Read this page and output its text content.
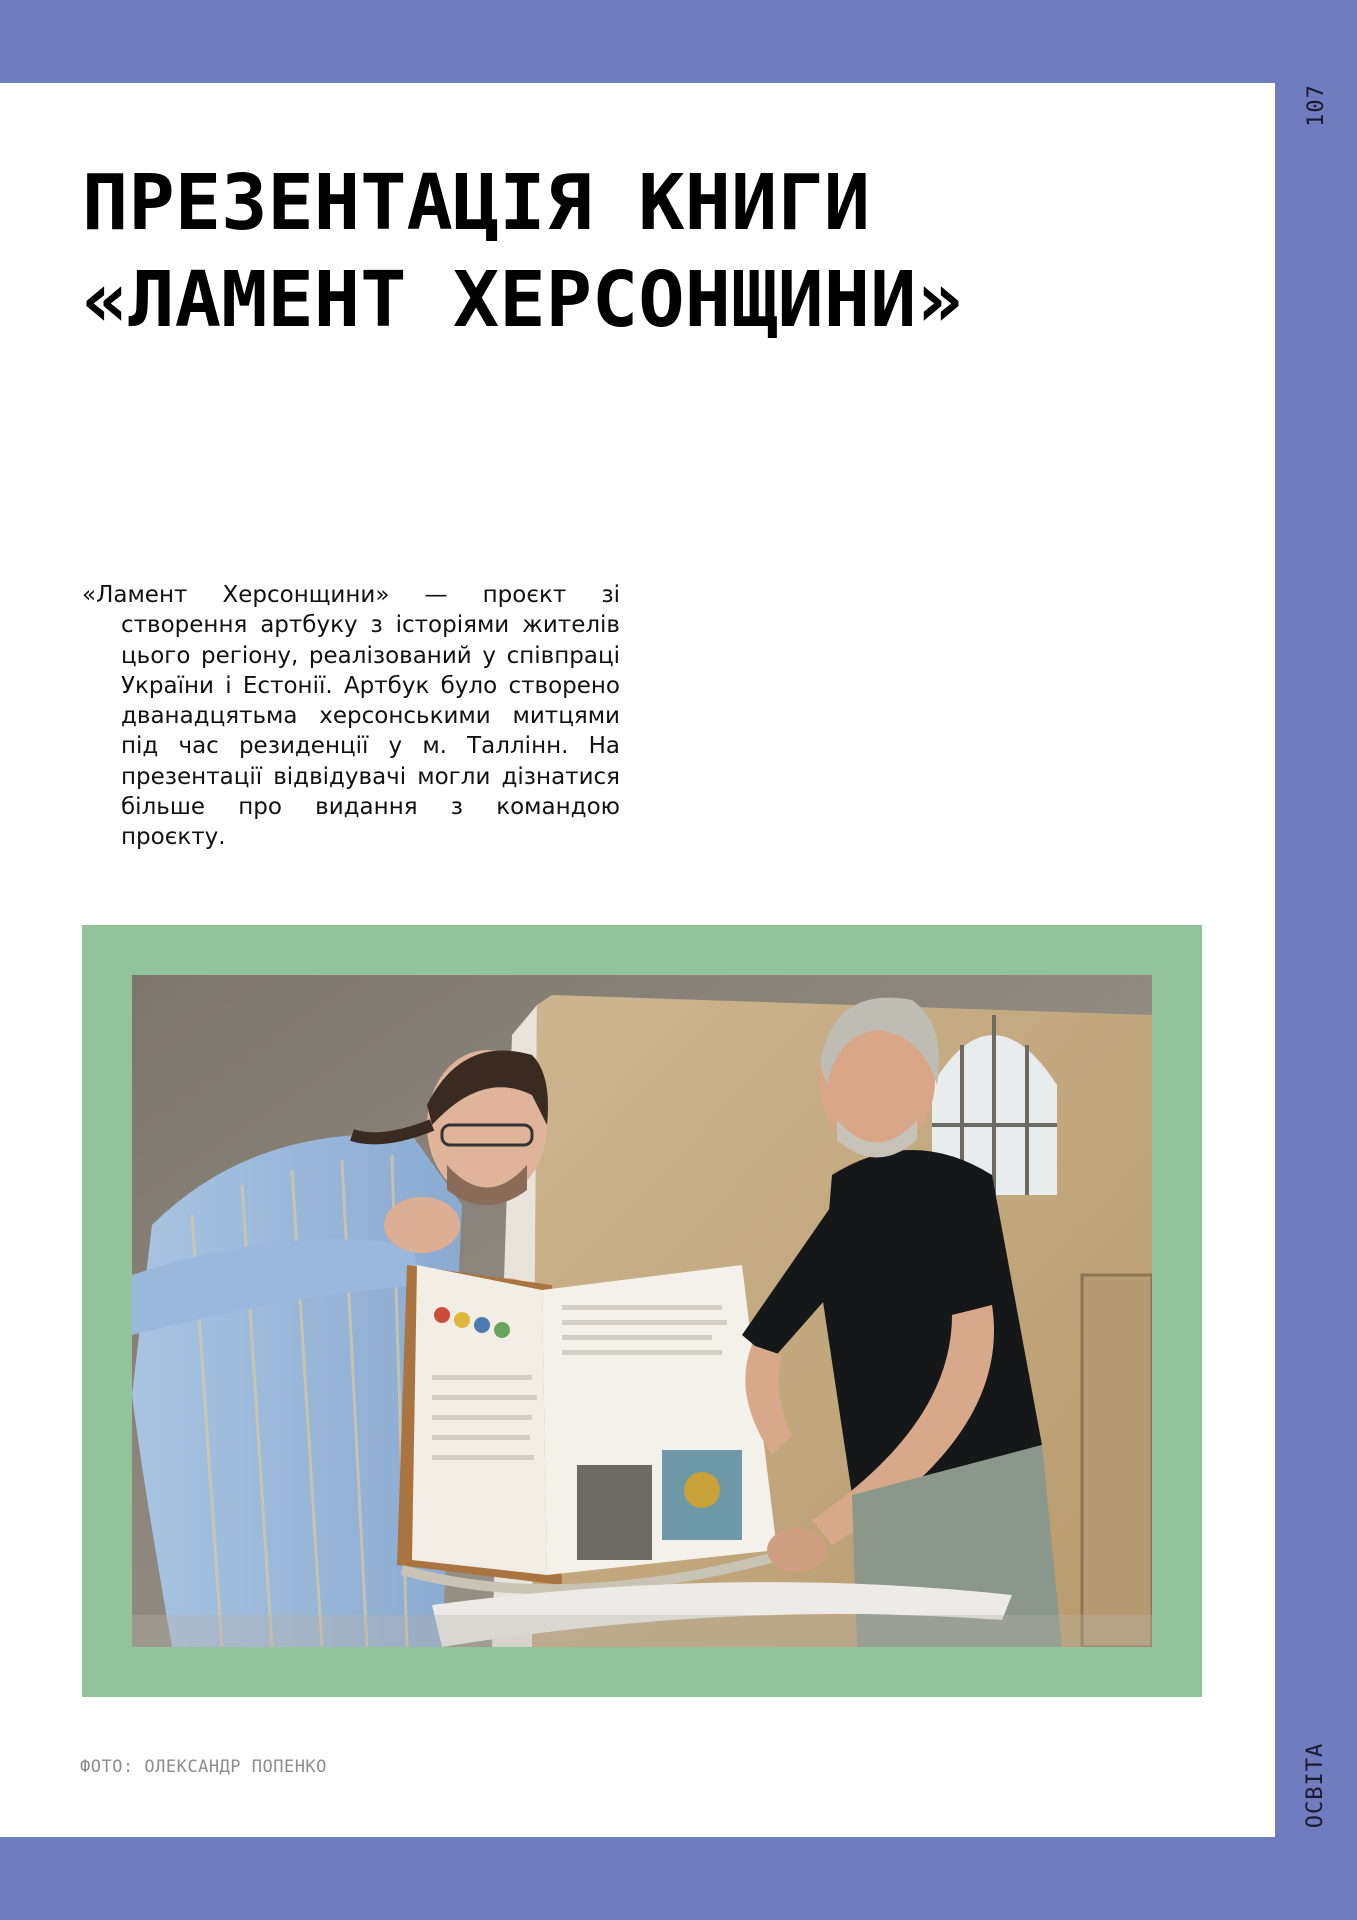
107
ОСВІТА
ПРЕЗЕНТАЦІЯ КНИГИ
«ЛАМЕНТ ХЕРСОНЩИНИ»

«Ламент Херсонщини» — проєкт зі створення артбуку з історіями жителів цього регіону, реалізований у співпраці України і Естонії. Артбук було створено дванадцятьма херсонськими митцями під час резиденції у м. Таллінн. На презентації відвідувачі могли дізнатися більше про видання з командою проєкту.

ФОТО: ОЛЕКСАНДР ПОПЕНКО
